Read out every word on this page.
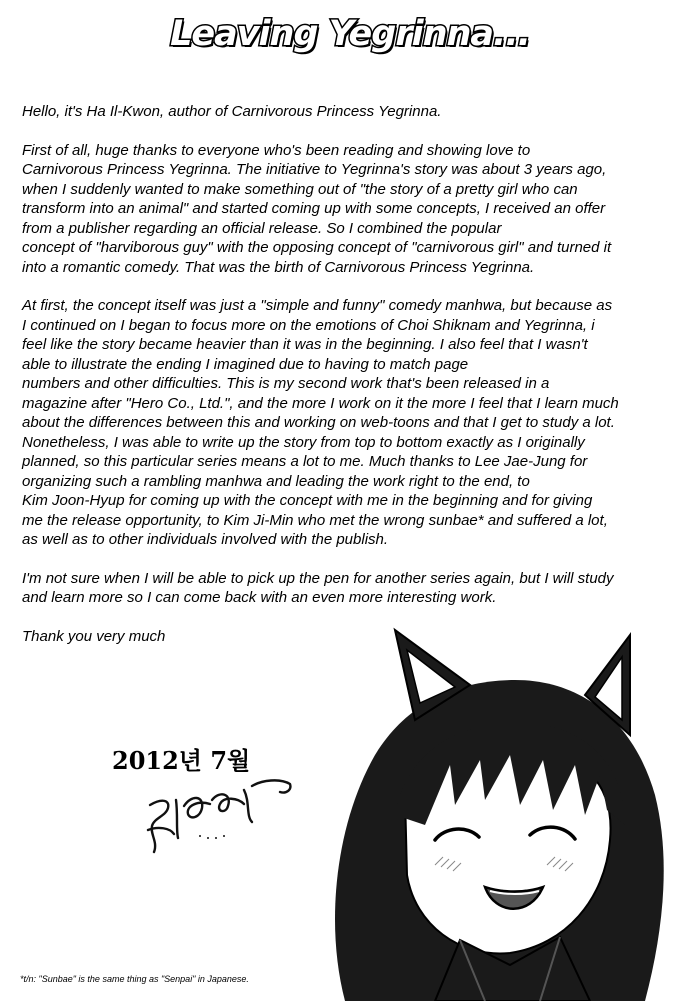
Leaving Yegrinna...

Hello, it's Ha Il-Kwon, author of Carnivorous Princess Yegrinna.

First of all, huge thanks to everyone who's been reading and showing love to
Carnivorous Princess Yegrinna. The initiative to Yegrinna's story was about 3 years ago,
when I suddenly wanted to make something out of "the story of a pretty girl who can
transform into an animal" and started coming up with some concepts, I received an offer
from a publisher regarding an official release. So I combined the popular
concept of "harviborous guy" with the opposing concept of "carnivorous girl" and turned it
into a romantic comedy. That was the birth of Carnivorous Princess Yegrinna.

At first, the concept itself was just a "simple and funny" comedy manhwa, but because as
I continued on I began to focus more on the emotions of Choi Shiknam and Yegrinna, i
feel like the story became heavier than it was in the beginning. I also feel that I wasn't
able to illustrate the ending I imagined due to having to match page
numbers and other difficulties. This is my second work that's been released in a
magazine after "Hero Co., Ltd.", and the more I work on it the more I feel that I learn much
about the differences between this and working on web-toons and that I get to study a lot.
Nonetheless, I was able to write up the story from top to bottom exactly as I originally
planned, so this particular series means a lot to me. Much thanks to Lee Jae-Jung for
organizing such a rambling manhwa and leading the work right to the end, to
Kim Joon-Hyup for coming up with the concept with me in the beginning and for giving
me the release opportunity, to Kim Ji-Min who met the wrong sunbae* and suffered a lot,
as well as to other individuals involved with the publish.

I'm not sure when I will be able to pick up the pen for another series again, but I will study
and learn more so I can come back with an even more interesting work.

Thank you very much

2012년 7월
*t/n: "Sunbae" is the same thing as "Senpai" in Japanese.
